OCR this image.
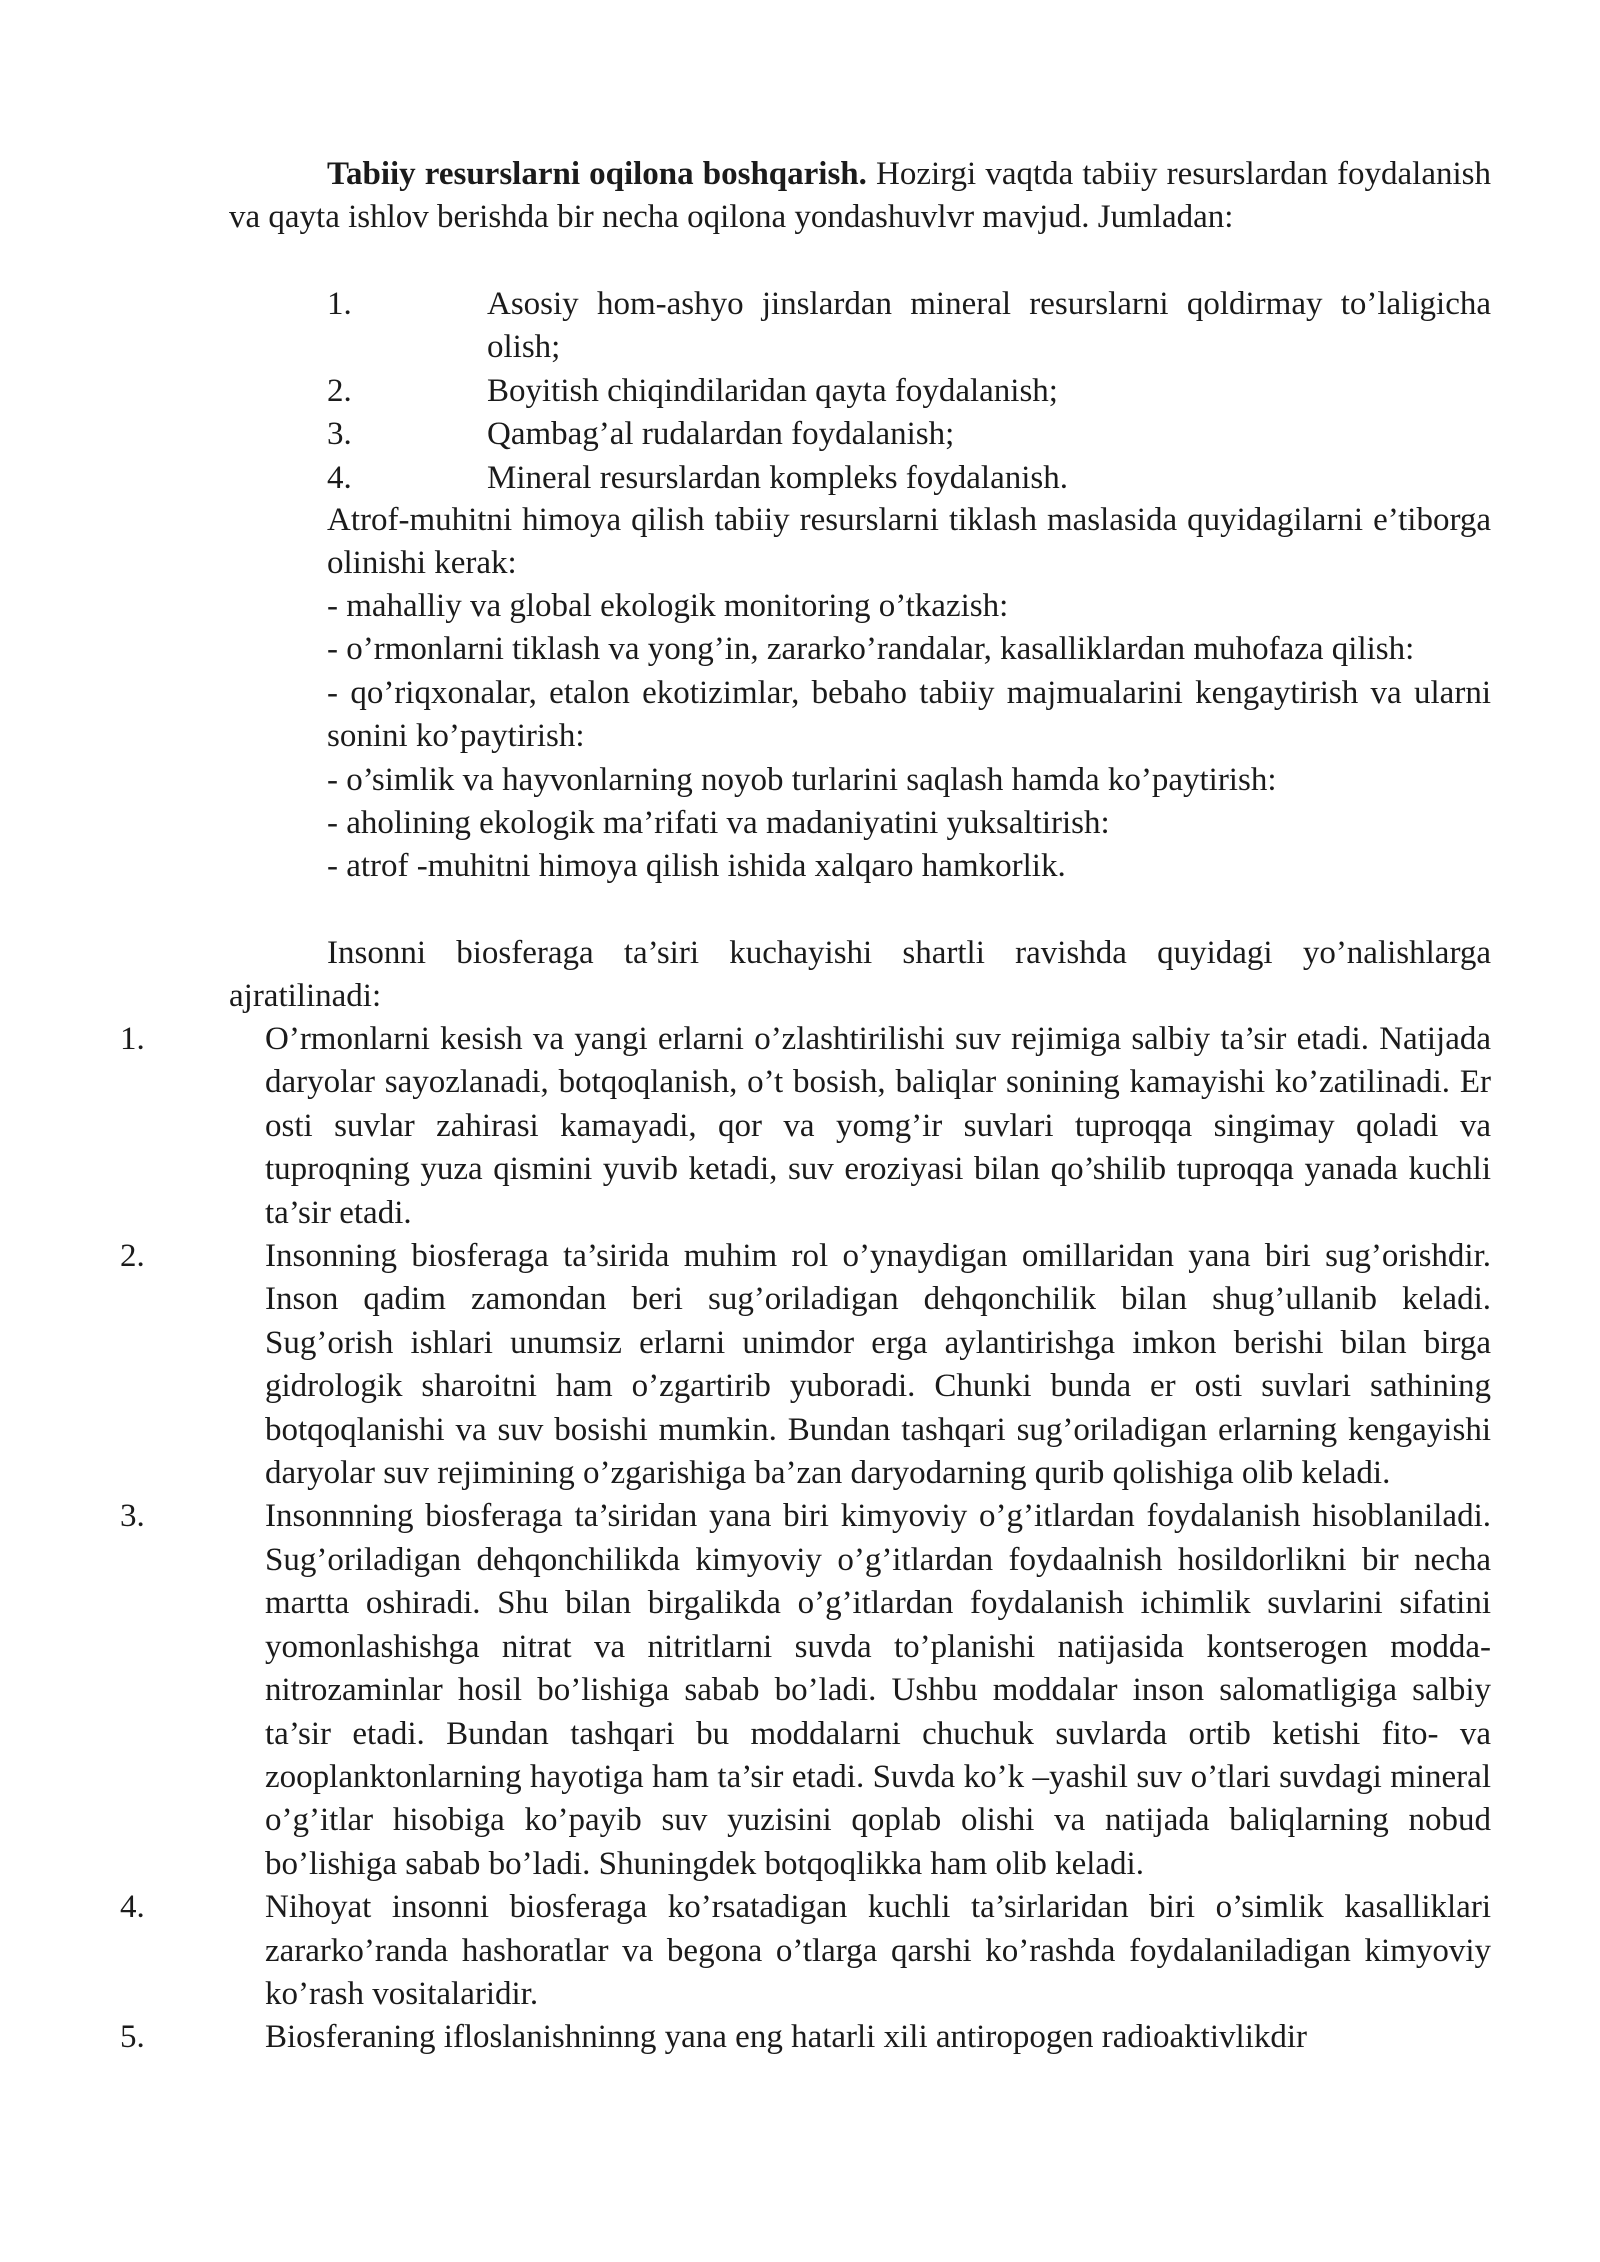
Tabiiy resurslarni oqilona boshqarish. Hozirgi vaqtda tabiiy resurslardan foydalanish va qayta ishlov berishda bir necha oqilona yondashuvlvr mavjud. Jumladan:

1.	Asosiy hom-ashyo jinslardan mineral resurslarni qoldirmay to’laligicha olish;
2.	Boyitish chiqindilaridan qayta foydalanish;
3.	Qambag’al rudalardan foydalanish;
4.	Mineral resurslardan kompleks foydalanish.

Atrof-muhitni himoya qilish tabiiy resurslarni tiklash maslasida quyidagilarni e’tiborga olinishi kerak:

- mahalliy va global ekologik monitoring o’tkazish:
- o’rmonlarni tiklash va yong’in, zararko’randalar, kasalliklardan muhofaza qilish:
- qo’riqxonalar, etalon ekotizimlar, bebaho tabiiy majmualarini kengaytirish va ularni sonini ko’paytirish:
- o’simlik va hayvonlarning noyob turlarini saqlash hamda ko’paytirish:
- aholining ekologik ma’rifati va madaniyatini yuksaltirish:
- atrof -muhitni himoya qilish ishida xalqaro hamkorlik.

Insonni biosferaga ta’siri kuchayishi shartli ravishda quyidagi yo’nalishlarga ajratilinadi:

1.	O’rmonlarni kesish va yangi erlarni o’zlashtirilishi suv rejimiga salbiy ta’sir etadi. Natijada daryolar sayozlanadi, botqoqlanish, o’t bosish, baliqlar sonining kamayishi ko’zatilinadi. Er osti suvlar zahirasi kamayadi, qor va yomg’ir suvlari tuproqqa singimay qoladi va tuproqning yuza qismini yuvib ketadi, suv eroziyasi bilan qo’shilib tuproqqa yanada kuchli ta’sir etadi.
2.	Insonning biosferaga ta’sirida muhim rol o’ynaydigan omillaridan yana biri sug’orishdir. Inson qadim zamondan beri sug’oriladigan dehqonchilik bilan shug’ullanib keladi. Sug’orish ishlari unumsiz erlarni unimdor erga aylantirishga imkon berishi bilan birga gidrologik sharoitni ham o’zgartirib yuboradi. Chunki bunda er osti suvlari sathining botqoqlanishi va suv bosishi mumkin. Bundan tashqari sug’oriladigan erlarning kengayishi daryolar suv rejimining o’zgarishiga ba’zan daryodarning qurib qolishiga olib keladi.
3.	Insonnning biosferaga ta’siridan yana biri kimyoviy o’g’itlardan foydalanish hisoblaniladi. Sug’oriladigan dehqonchilikda kimyoviy o’g’itlardan foydaalnish hosildorlikni bir necha martta oshiradi. Shu bilan birgalikda o’g’itlardan foydalanish ichimlik suvlarini sifatini yomonlashishga nitrat va nitritlarni suvda to’planishi natijasida kontserogen modda-nitrozaminlar hosil bo’lishiga sabab bo’ladi. Ushbu moddalar inson salomatligiga salbiy ta’sir etadi. Bundan tashqari bu moddalarni chuchuk suvlarda ortib ketishi fito- va zooplanktonlarning hayotiga ham ta’sir etadi. Suvda ko’k –yashil suv o’tlari suvdagi mineral o’g’itlar hisobiga ko’payib suv yuzisini qoplab olishi va natijada baliqlarning nobud bo’lishiga sabab bo’ladi. Shuningdek botqoqlikka ham olib keladi.
4.	Nihoyat insonni biosferaga ko’rsatadigan kuchli ta’sirlaridan biri o’simlik kasalliklari zararko’randa hashoratlar va begona o’tlarga qarshi ko’rashda foydalaniladigan kimyoviy ko’rash vositalaridir.
5.	Biosferaning ifloslanishninng yana eng hatarli xili antiropogen radioaktivlikdir
